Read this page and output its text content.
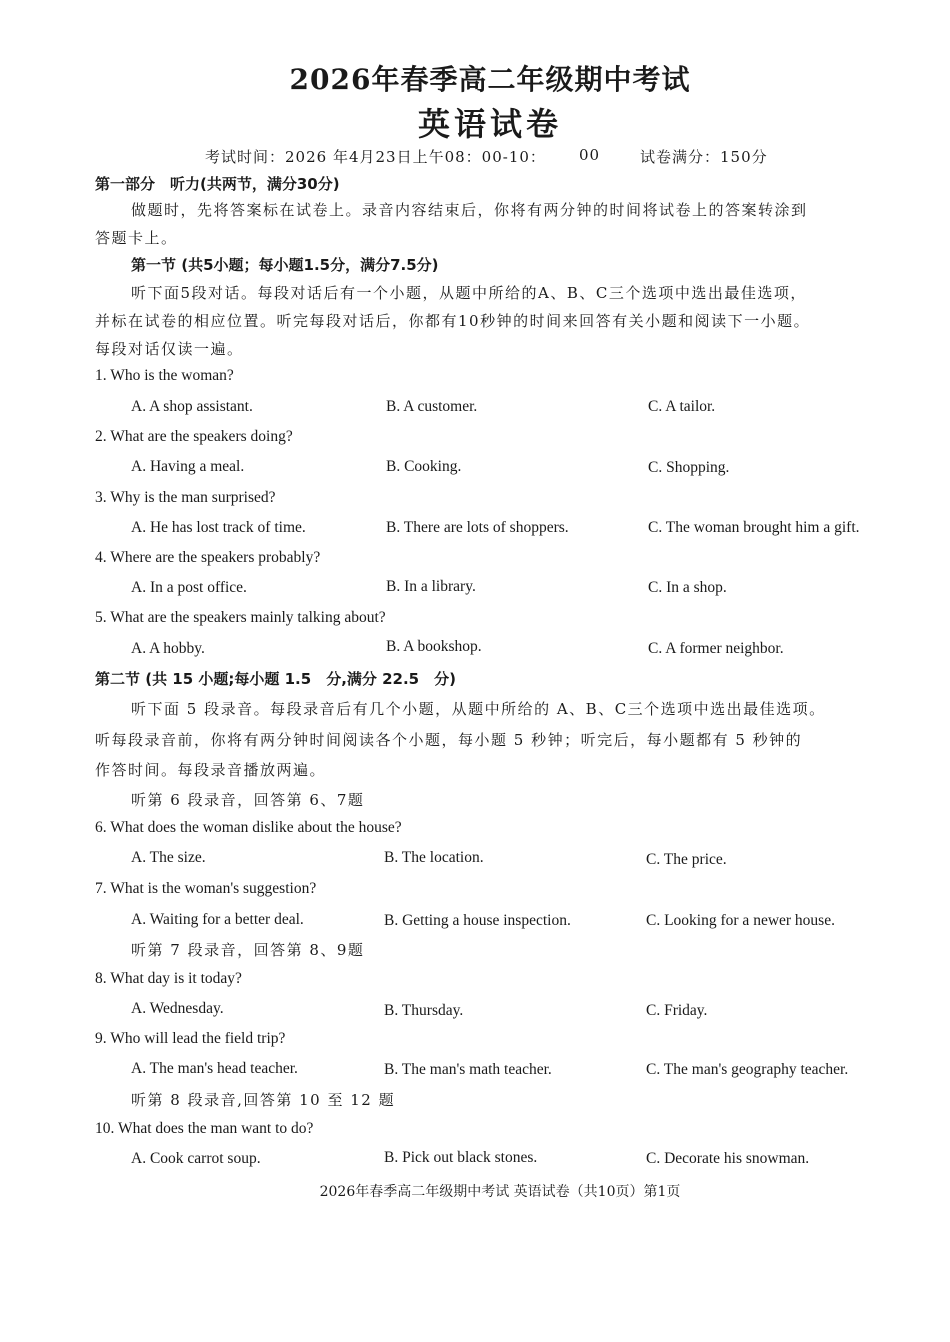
2026年春季高二年级期中考试
英语试卷
考试时间：2026 年4月23日上午08：00-10： 00	试卷满分：150分
第一部分　听力(共两节，满分30分)
做题时，先将答案标在试卷上。录音内容结束后，你将有两分钟的时间将试卷上的答案转涂到
答题卡上。
第一节 (共5小题；每小题1.5分，满分7.5分)
听下面5段对话。每段对话后有一个小题，从题中所给的A、B、C三个选项中选出最佳选项，
并标在试卷的相应位置。听完每段对话后，你都有10秒钟的时间来回答有关小题和阅读下一小题。
每段对话仅读一遍。
1. Who is the woman?
A. A shop assistant.	B. A customer.	C. A tailor.
2. What are the speakers doing?
A. Having a meal.	B. Cooking.	C. Shopping.
3. Why is the man surprised?
A. He has lost track of time.	B. There are lots of shoppers.	C. The woman brought him a gift.
4. Where are the speakers probably?
A. In a post office.	B. In a library.	C. In a shop.
5. What are the speakers mainly talking about?
A. A hobby.	B. A bookshop.	C. A former neighbor.
第二节 (共 15 小题;每小题 1.5　分,满分 22.5　分)
听下面 5 段录音。每段录音后有几个小题，从题中所给的 A、B、C三个选项中选出最佳选项。
听每段录音前，你将有两分钟时间阅读各个小题，每小题 5 秒钟；听完后，每小题都有 5 秒钟的
作答时间。每段录音播放两遍。
听第 6 段录音，回答第 6、7题
6. What does the woman dislike about the house?
A. The size.	B. The location.	C. The price.
7. What is the woman's suggestion?
A. Waiting for a better deal.	B. Getting a house inspection.	C. Looking for a newer house.
听第 7 段录音，回答第 8、9题
8. What day is it today?
A. Wednesday.	B. Thursday.	C. Friday.
9. Who will lead the field trip?
A. The man's head teacher.	B. The man's math teacher.	C. The man's geography teacher.
听第 8 段录音,回答第 10 至 12 题
10. What does the man want to do?
A. Cook carrot soup.	B. Pick out black stones.	C. Decorate his snowman.
2026年春季高二年级期中考试 英语试卷（共10页）第1页
